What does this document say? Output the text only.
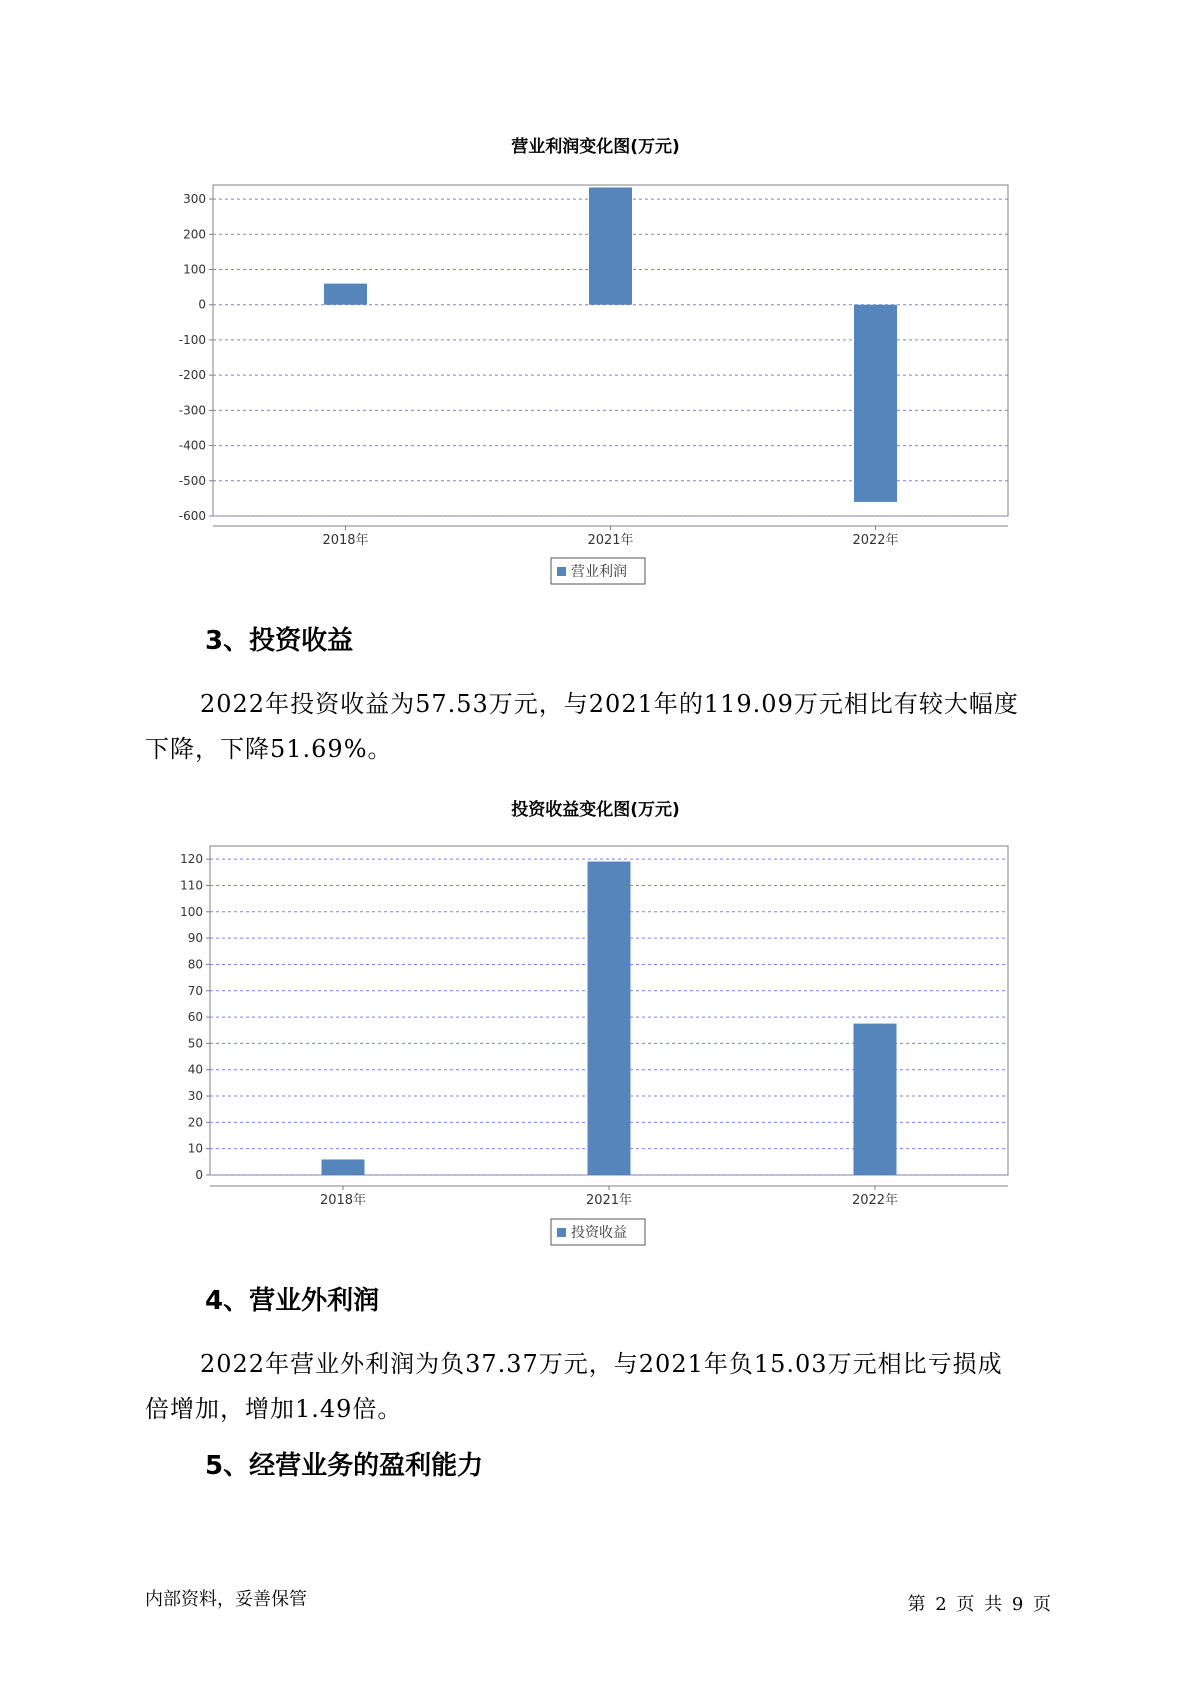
营业利润变化图(万元)
300
200
100
0
-100
-200
-300
-400
-500
-600
2018年	2021年	2022年
营业利润
3、投资收益

2022年投资收益为57.53万元，与2021年的119.09万元相比有较大幅度

下降，下降51.69%。

投资收益变化图(万元)
120
110
100
90
80
70
60
50
40
30
20
10
0
2018年	2021年	2022年
投资收益
4、营业外利润

2022年营业外利润为负37.37万元，与2021年负15.03万元相比亏损成

倍增加，增加1.49倍。

5、经营业务的盈利能力
内部资料，妥善保管	第 2 页 共 9 页
